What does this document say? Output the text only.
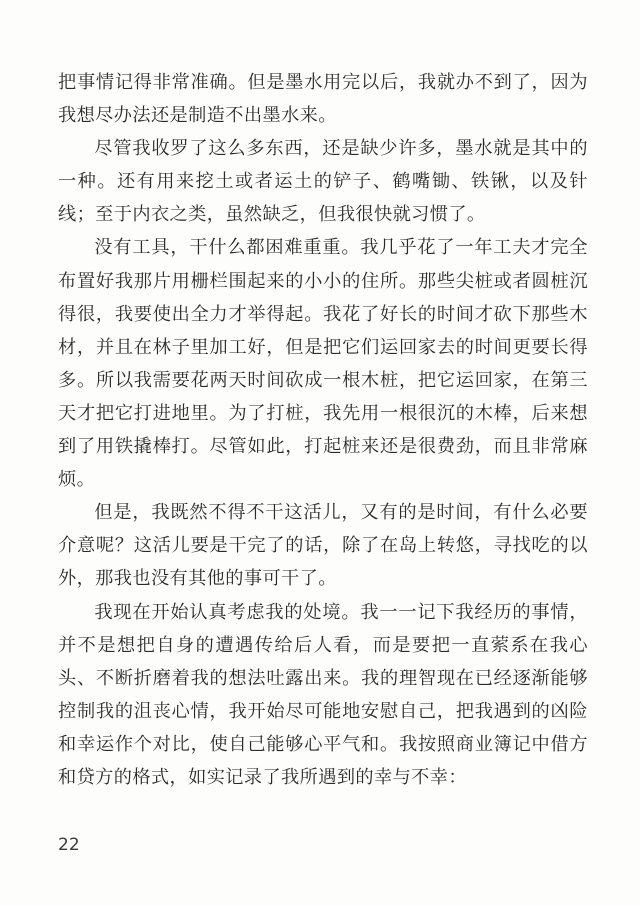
把事情记得非常准确。但是墨水用完以后，我就办不到了，因为我想尽办法还是制造不出墨水来。

尽管我收罗了这么多东西，还是缺少许多，墨水就是其中的一种。还有用来挖土或者运土的铲子、鹤嘴锄、铁锹，以及针线；至于内衣之类，虽然缺乏，但我很快就习惯了。

没有工具，干什么都困难重重。我几乎花了一年工夫才完全布置好我那片用栅栏围起来的小小的住所。那些尖桩或者圆桩沉得很，我要使出全力才举得起。我花了好长的时间才砍下那些木材，并且在林子里加工好，但是把它们运回家去的时间更要长得多。所以我需要花两天时间砍成一根木桩，把它运回家，在第三天才把它打进地里。为了打桩，我先用一根很沉的木棒，后来想到了用铁撬棒打。尽管如此，打起桩来还是很费劲，而且非常麻烦。

但是，我既然不得不干这活儿，又有的是时间，有什么必要介意呢？这活儿要是干完了的话，除了在岛上转悠，寻找吃的以外，那我也没有其他的事可干了。

我现在开始认真考虑我的处境。我一一记下我经历的事情，并不是想把自身的遭遇传给后人看，而是要把一直萦系在我心头、不断折磨着我的想法吐露出来。我的理智现在已经逐渐能够控制我的沮丧心情，我开始尽可能地安慰自己，把我遇到的凶险和幸运作个对比，使自己能够心平气和。我按照商业簿记中借方和贷方的格式，如实记录了我所遇到的幸与不幸：

22
